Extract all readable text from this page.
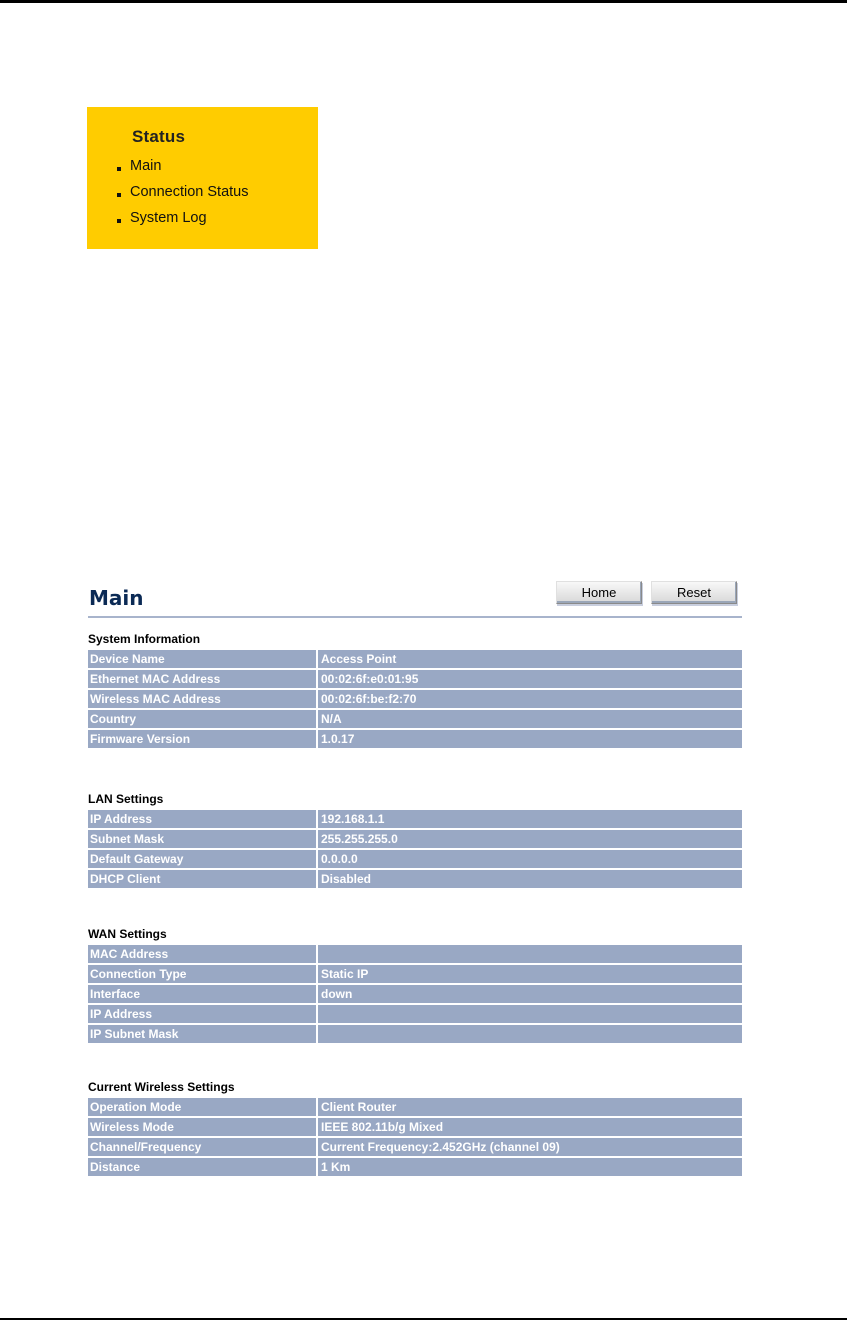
Status
Main
Connection Status
System Log
Main	Home	Reset
System Information
Device Name	Access Point
Ethernet MAC Address	00:02:6f:e0:01:95
Wireless MAC Address	00:02:6f:be:f2:70
Country	N/A
Firmware Version	1.0.17
LAN Settings
IP Address	192.168.1.1
Subnet Mask	255.255.255.0
Default Gateway	0.0.0.0
DHCP Client	Disabled
WAN Settings
MAC Address	
Connection Type	Static IP
Interface	down
IP Address	
IP Subnet Mask	
Current Wireless Settings
Operation Mode	Client Router
Wireless Mode	IEEE 802.11b/g Mixed
Channel/Frequency	Current Frequency:2.452GHz (channel 09)
Distance	1 Km
